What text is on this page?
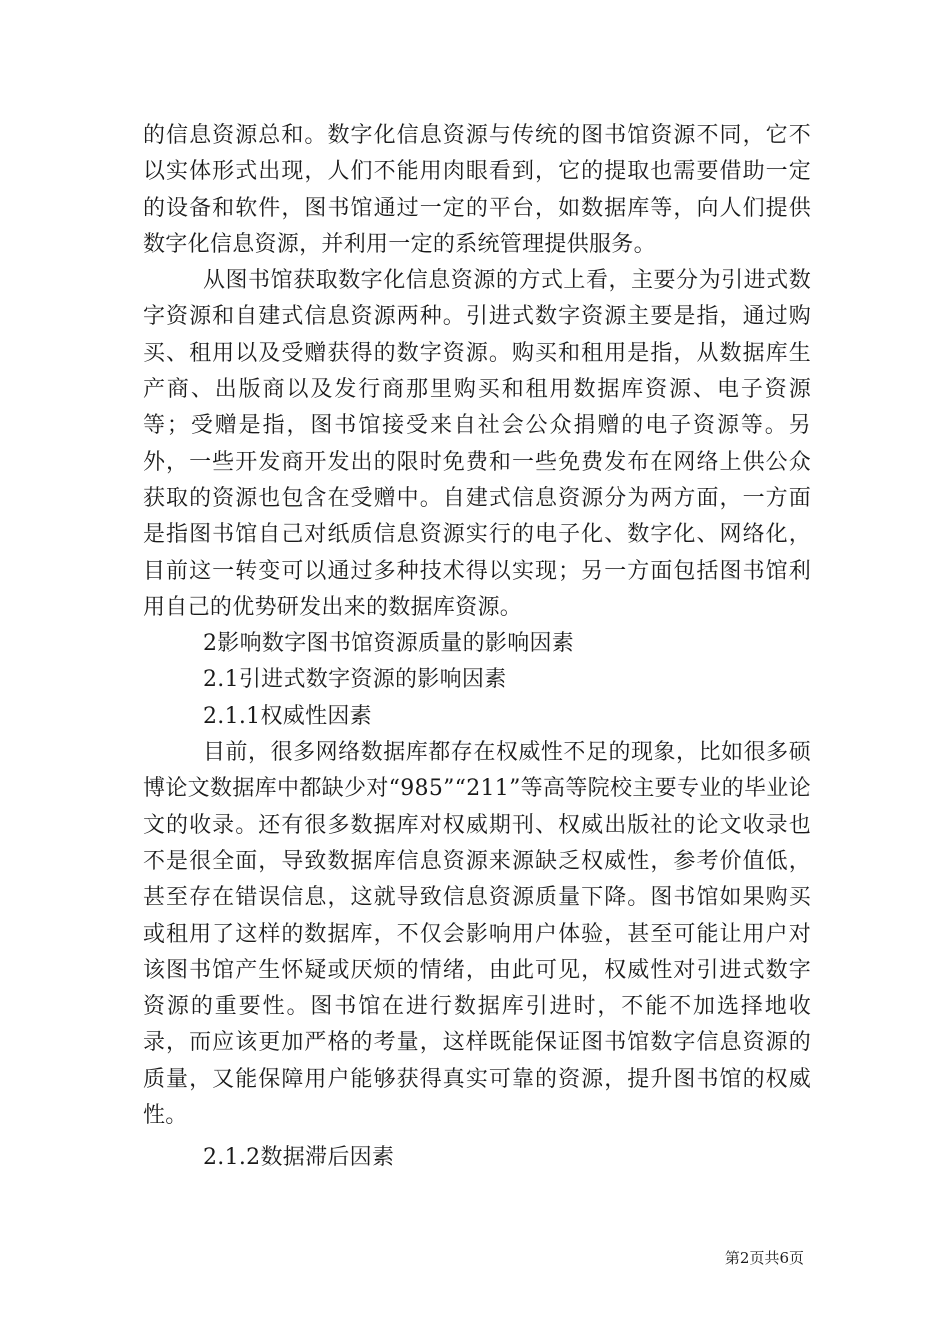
的信息资源总和。数字化信息资源与传统的图书馆资源不同，它不以实体形式出现，人们不能用肉眼看到，它的提取也需要借助一定的设备和软件，图书馆通过一定的平台，如数据库等，向人们提供数字化信息资源，并利用一定的系统管理提供服务。

从图书馆获取数字化信息资源的方式上看，主要分为引进式数字资源和自建式信息资源两种。引进式数字资源主要是指，通过购买、租用以及受赠获得的数字资源。购买和租用是指，从数据库生产商、出版商以及发行商那里购买和租用数据库资源、电子资源等；受赠是指，图书馆接受来自社会公众捐赠的电子资源等。另外，一些开发商开发出的限时免费和一些免费发布在网络上供公众获取的资源也包含在受赠中。自建式信息资源分为两方面，一方面是指图书馆自己对纸质信息资源实行的电子化、数字化、网络化，目前这一转变可以通过多种技术得以实现；另一方面包括图书馆利用自己的优势研发出来的数据库资源。

2影响数字图书馆资源质量的影响因素

2.1引进式数字资源的影响因素

2.1.1权威性因素

目前，很多网络数据库都存在权威性不足的现象，比如很多硕博论文数据库中都缺少对“985”“211”等高等院校主要专业的毕业论文的收录。还有很多数据库对权威期刊、权威出版社的论文收录也不是很全面，导致数据库信息资源来源缺乏权威性，参考价值低，甚至存在错误信息，这就导致信息资源质量下降。图书馆如果购买或租用了这样的数据库，不仅会影响用户体验，甚至可能让用户对该图书馆产生怀疑或厌烦的情绪，由此可见，权威性对引进式数字资源的重要性。图书馆在进行数据库引进时，不能不加选择地收录，而应该更加严格的考量，这样既能保证图书馆数字信息资源的质量，又能保障用户能够获得真实可靠的资源，提升图书馆的权威性。

2.1.2数据滞后因素

第2页共6页
